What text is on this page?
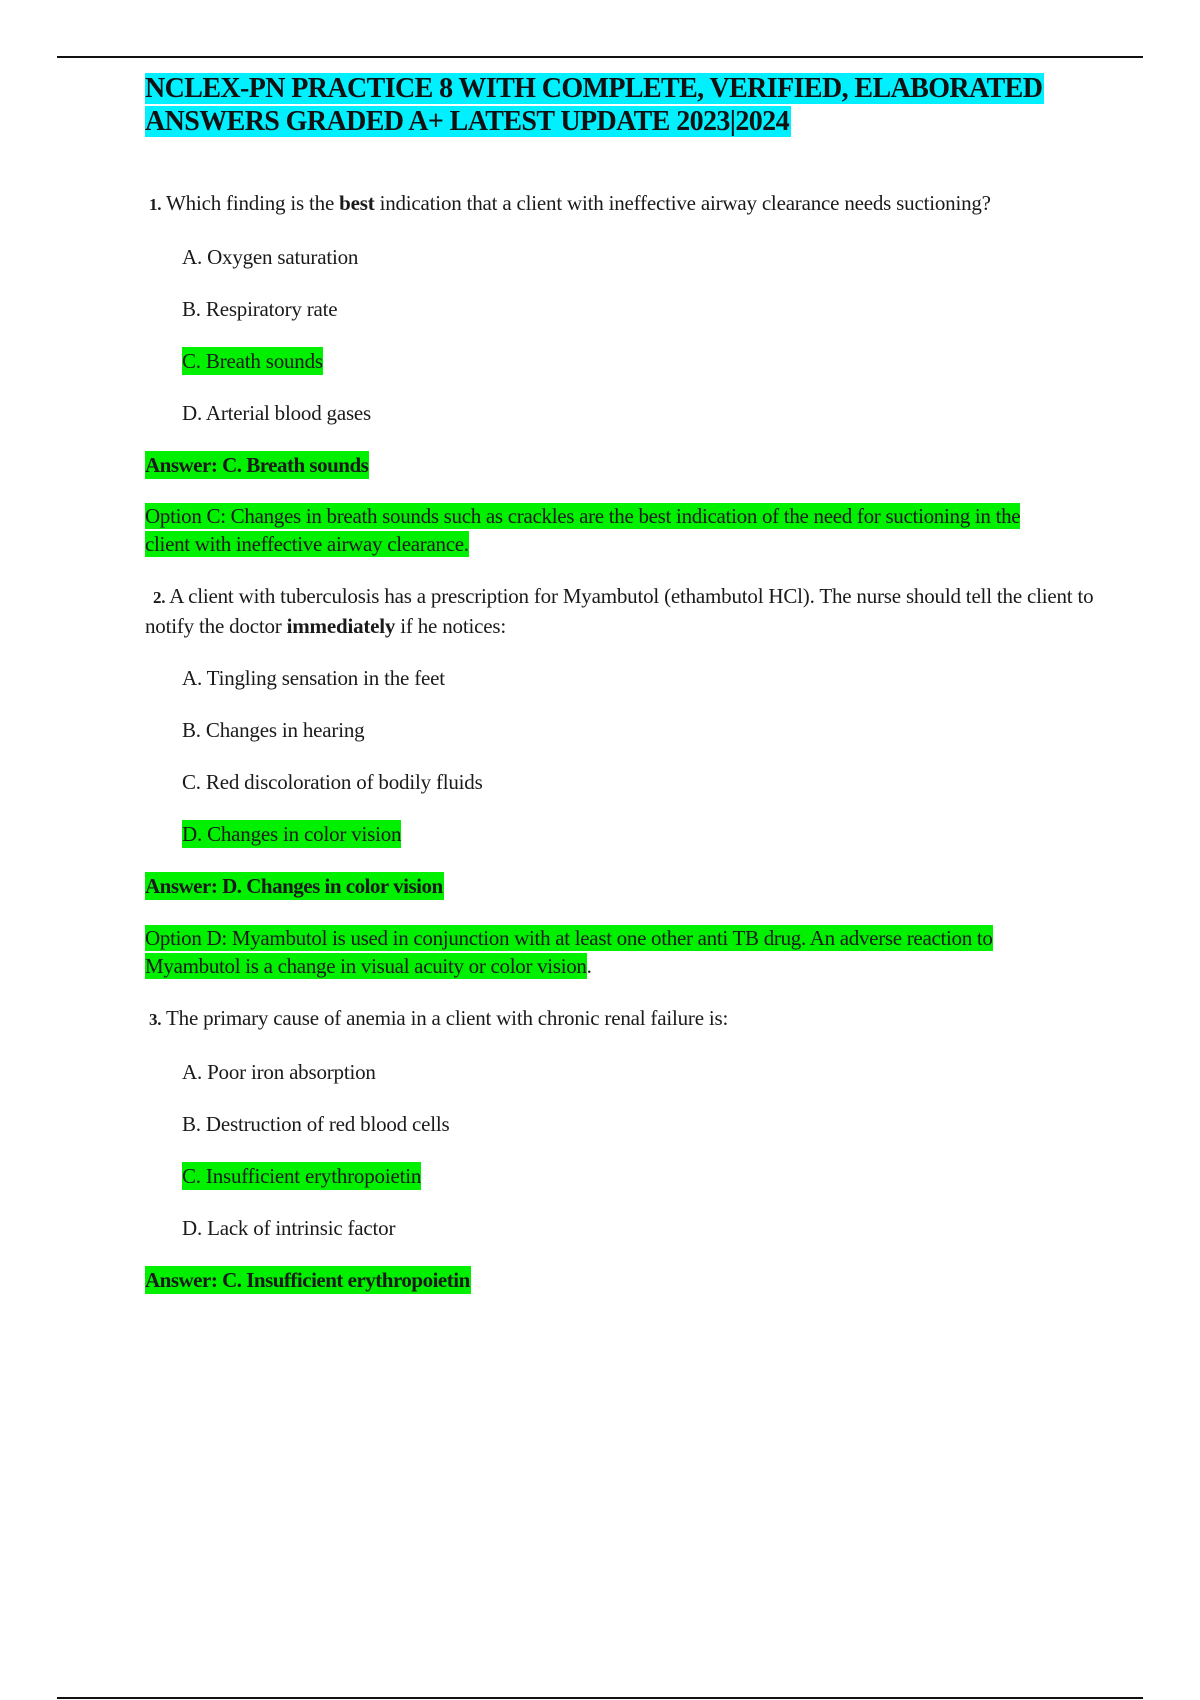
NCLEX-PN PRACTICE 8 WITH COMPLETE, VERIFIED, ELABORATED
ANSWERS GRADED A+ LATEST UPDATE 2023|2024

1. Which finding is the best indication that a client with ineffective airway clearance needs suctioning?

A. Oxygen saturation

B. Respiratory rate

C. Breath sounds

D. Arterial blood gases

Answer: C. Breath sounds

Option C: Changes in breath sounds such as crackles are the best indication of the need for suctioning in the client with ineffective airway clearance.

2. A client with tuberculosis has a prescription for Myambutol (ethambutol HCl). The nurse should tell the client to notify the doctor immediately if he notices:

A. Tingling sensation in the feet

B. Changes in hearing

C. Red discoloration of bodily fluids

D. Changes in color vision

Answer: D. Changes in color vision

Option D: Myambutol is used in conjunction with at least one other anti TB drug. An adverse reaction to Myambutol is a change in visual acuity or color vision.

3. The primary cause of anemia in a client with chronic renal failure is:

A. Poor iron absorption

B. Destruction of red blood cells

C. Insufficient erythropoietin

D. Lack of intrinsic factor

Answer: C. Insufficient erythropoietin
